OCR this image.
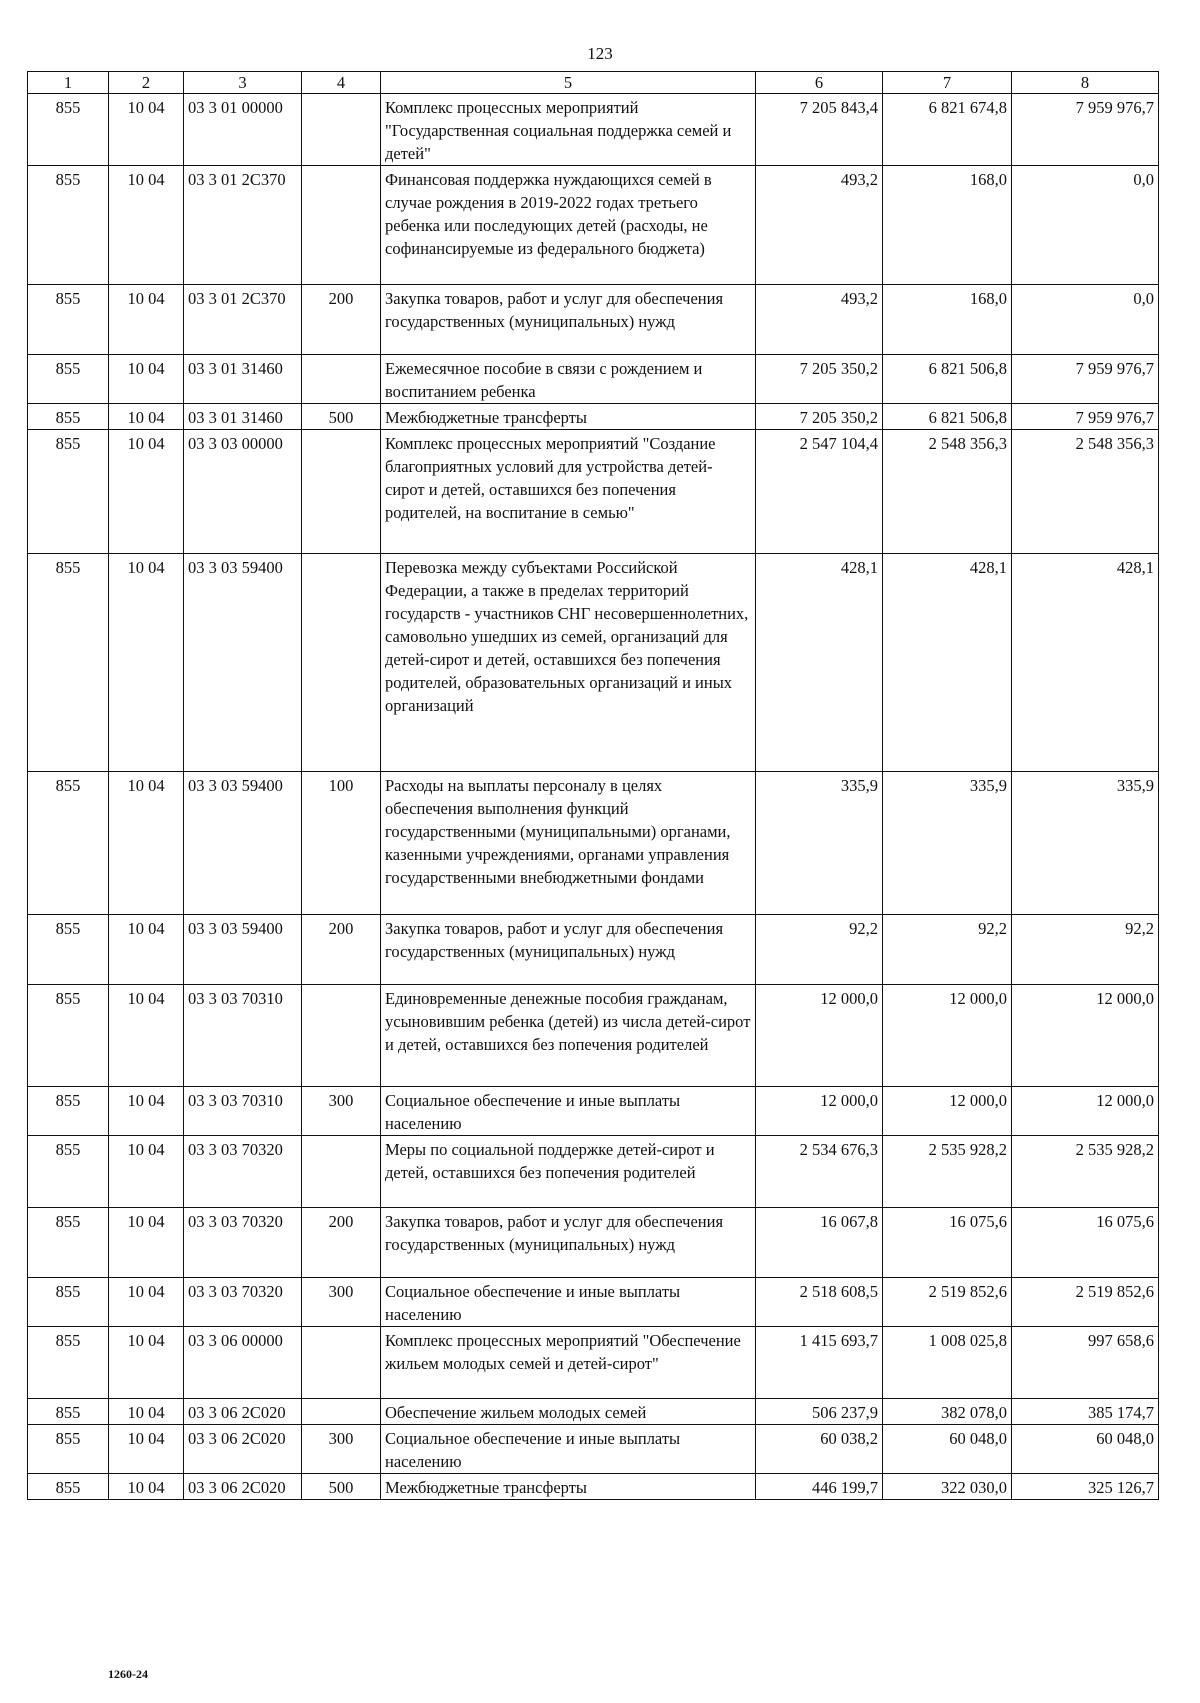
123
1	2	3	4	5	6	7	8
855	10 04	03 3 01 00000		Комплекс процессных мероприятий "Государственная социальная поддержка семей и детей"	7 205 843,4	6 821 674,8	7 959 976,7
855	10 04	03 3 01 2С370		Финансовая поддержка нуждающихся семей в случае рождения в 2019-2022 годах третьего ребенка или последующих детей (расходы, не софинансируемые из федерального бюджета)	493,2	168,0	0,0
855	10 04	03 3 01 2С370	200	Закупка товаров, работ и услуг для обеспечения государственных (муниципальных) нужд	493,2	168,0	0,0
855	10 04	03 3 01 31460		Ежемесячное пособие в связи с рождением и воспитанием ребенка	7 205 350,2	6 821 506,8	7 959 976,7
855	10 04	03 3 01 31460	500	Межбюджетные трансферты	7 205 350,2	6 821 506,8	7 959 976,7
855	10 04	03 3 03 00000		Комплекс процессных мероприятий "Создание благоприятных условий для устройства детей-сирот и детей, оставшихся без попечения родителей, на воспитание в семью"	2 547 104,4	2 548 356,3	2 548 356,3
855	10 04	03 3 03 59400		Перевозка между субъектами Российской Федерации, а также в пределах территорий государств - участников СНГ несовершеннолетних, самовольно ушедших из семей, организаций для детей-сирот и детей, оставшихся без попечения родителей, образовательных организаций и иных организаций	428,1	428,1	428,1
855	10 04	03 3 03 59400	100	Расходы на выплаты персоналу в целях обеспечения выполнения функций государственными (муниципальными) органами, казенными учреждениями, органами управления государственными внебюджетными фондами	335,9	335,9	335,9
855	10 04	03 3 03 59400	200	Закупка товаров, работ и услуг для обеспечения государственных (муниципальных) нужд	92,2	92,2	92,2
855	10 04	03 3 03 70310		Единовременные денежные пособия гражданам, усыновившим ребенка (детей) из числа детей-сирот и детей, оставшихся без попечения родителей	12 000,0	12 000,0	12 000,0
855	10 04	03 3 03 70310	300	Социальное обеспечение и иные выплаты населению	12 000,0	12 000,0	12 000,0
855	10 04	03 3 03 70320		Меры по социальной поддержке детей-сирот и детей, оставшихся без попечения родителей	2 534 676,3	2 535 928,2	2 535 928,2
855	10 04	03 3 03 70320	200	Закупка товаров, работ и услуг для обеспечения государственных (муниципальных) нужд	16 067,8	16 075,6	16 075,6
855	10 04	03 3 03 70320	300	Социальное обеспечение и иные выплаты населению	2 518 608,5	2 519 852,6	2 519 852,6
855	10 04	03 3 06 00000		Комплекс процессных мероприятий "Обеспечение жильем молодых семей и детей-сирот"	1 415 693,7	1 008 025,8	997 658,6
855	10 04	03 3 06 2С020		Обеспечение жильем молодых семей	506 237,9	382 078,0	385 174,7
855	10 04	03 3 06 2С020	300	Социальное обеспечение и иные выплаты населению	60 038,2	60 048,0	60 048,0
855	10 04	03 3 06 2С020	500	Межбюджетные трансферты	446 199,7	322 030,0	325 126,7
1260-24
